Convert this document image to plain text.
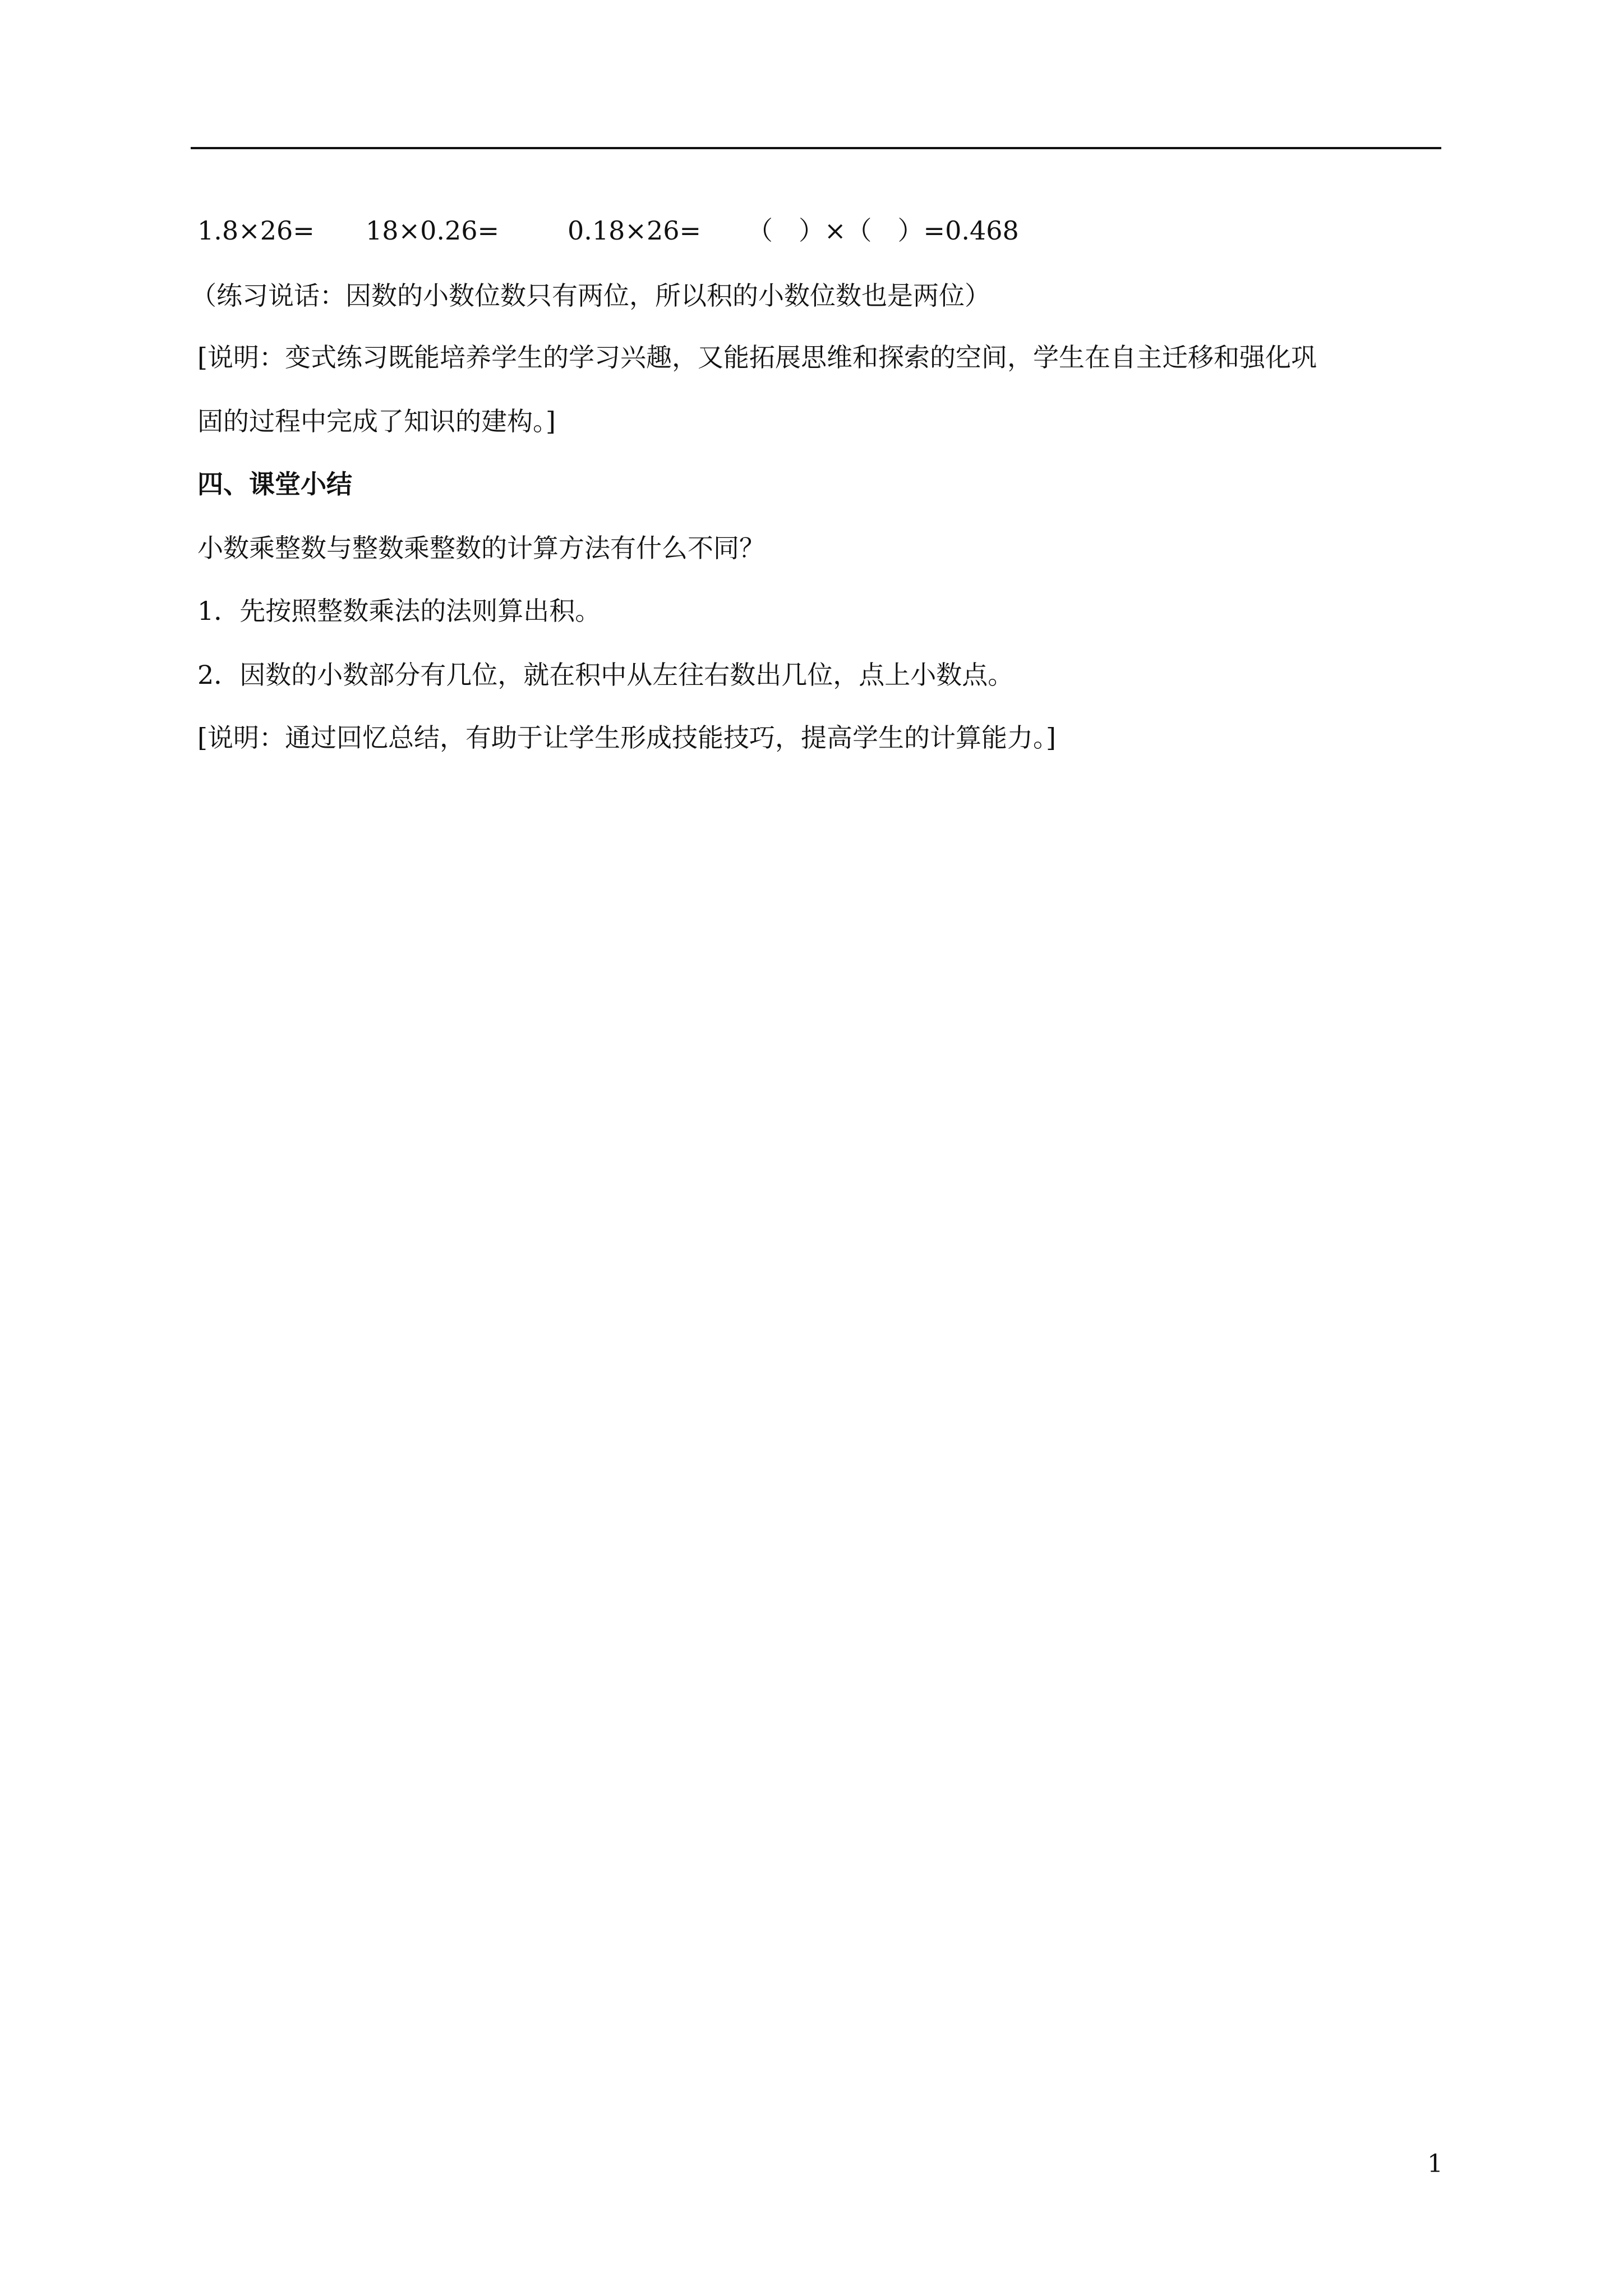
1.8×26= 18×0.26=	0.18×26= （　）×（　）=0.468
（练习说话：因数的小数位数只有两位，所以积的小数位数也是两位）
[说明：变式练习既能培养学生的学习兴趣，又能拓展思维和探索的空间，学生在自主迁移和强化巩
固的过程中完成了知识的建构。]
四、课堂小结
小数乘整数与整数乘整数的计算方法有什么不同？
1．先按照整数乘法的法则算出积。
2．因数的小数部分有几位，就在积中从左往右数出几位，点上小数点。
[说明：通过回忆总结，有助于让学生形成技能技巧，提高学生的计算能力。]
1
